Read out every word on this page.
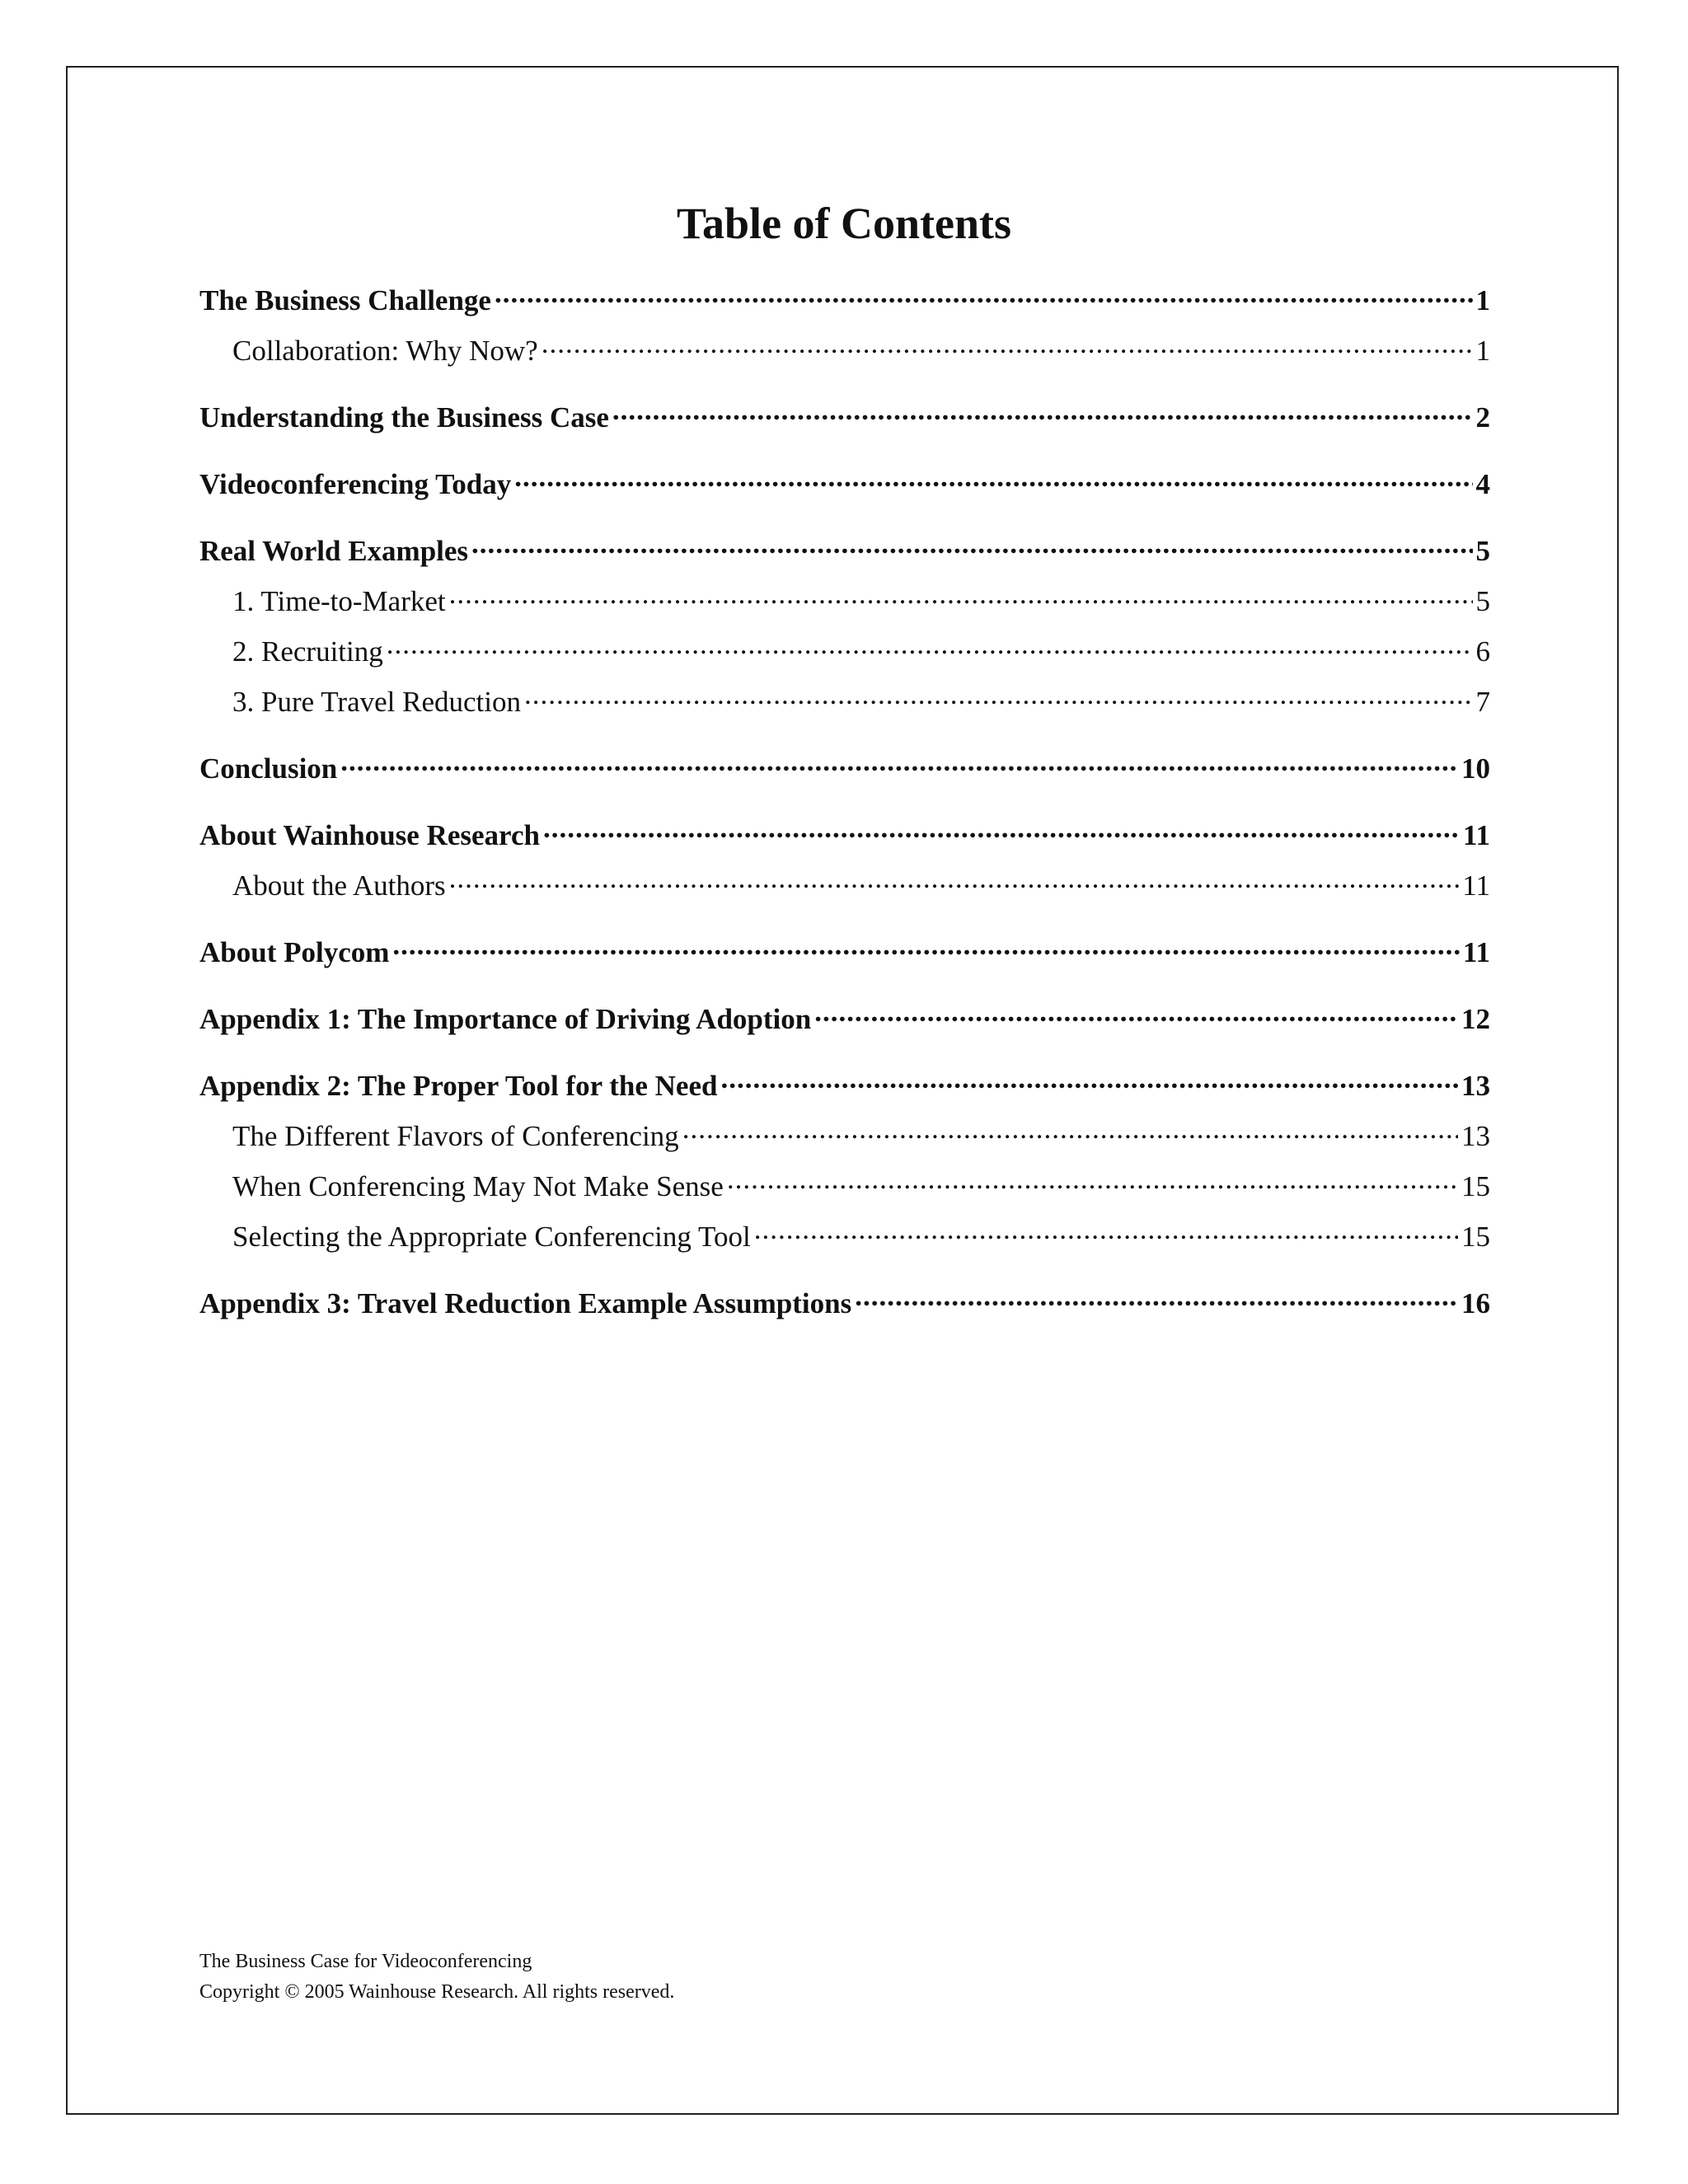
Table of Contents
The Business Challenge .....	1
Collaboration: Why Now? .....	1
Understanding the Business Case .....	2
Videoconferencing Today .....	4
Real World Examples .....	5
1. Time-to-Market .....	5
2. Recruiting .....	6
3. Pure Travel Reduction .....	7
Conclusion .....	10
About Wainhouse Research .....	11
About the Authors .....	11
About Polycom .....	11
Appendix 1: The Importance of Driving Adoption .....	12
Appendix 2: The Proper Tool for the Need .....	13
The Different Flavors of Conferencing .....	13
When Conferencing May Not Make Sense .....	15
Selecting the Appropriate Conferencing Tool .....	15
Appendix 3: Travel Reduction Example Assumptions .....	16
The Business Case for Videoconferencing
Copyright © 2005 Wainhouse Research. All rights reserved.
